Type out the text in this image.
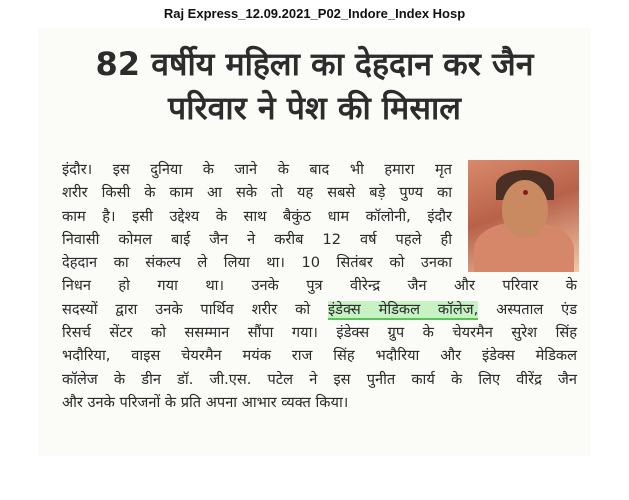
Raj Express_12.09.2021_P02_Indore_Index Hosp
82 वर्षीय महिला का देहदान कर जैन
परिवार ने पेश की मिसाल
इंदौर। इस दुनिया के जाने के बाद भी हमारा मृत
शरीर किसी के काम आ सके तो यह सबसे बड़े पुण्य का
काम है। इसी उद्देश्य के साथ बैकुंठ धाम कॉलोनी, इंदौर
निवासी कोमल बाई जैन ने करीब 12 वर्ष पहले ही
देहदान का संकल्प ले लिया था। 10 सितंबर को उनका
निधन हो गया था। उनके पुत्र वीरेन्द्र जैन और परिवार के
सदस्यों द्वारा उनके पार्थिव शरीर को इंडेक्स मेडिकल कॉलेज, अस्पताल एंड
रिसर्च सेंटर को ससम्मान सौंपा गया। इंडेक्स ग्रुप के चेयरमैन सुरेश सिंह
भदौरिया, वाइस चेयरमैन मयंक राज सिंह भदौरिया और इंडेक्स मेडिकल
कॉलेज के डीन डॉ. जी.एस. पटेल ने इस पुनीत कार्य के लिए वीरेंद्र जैन
और उनके परिजनों के प्रति अपना आभार व्यक्त किया।
